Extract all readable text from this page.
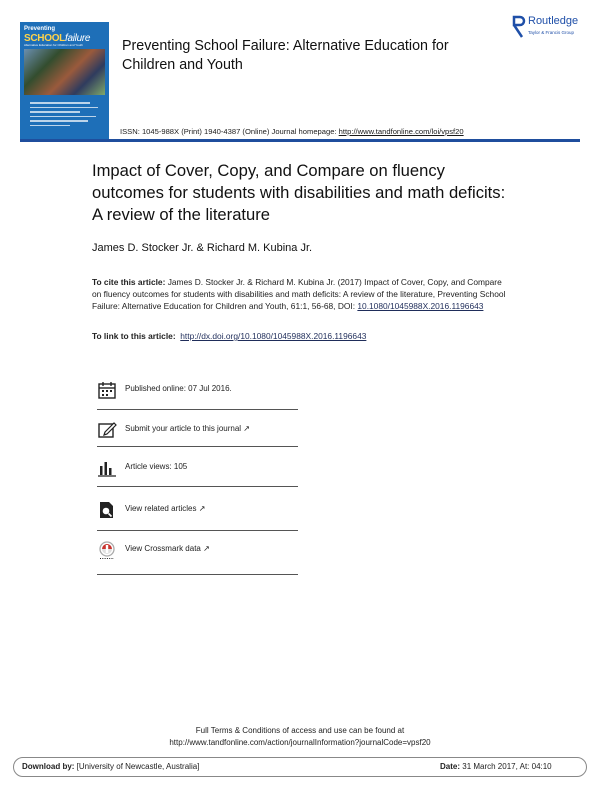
Preventing
SCHOOLfailure
Alternative Education for Children and Youth	Preventing School Failure: Alternative Education for Children and Youth
ISSN: 1045-988X (Print) 1940-4387 (Online) Journal homepage: http://www.tandfonline.com/loi/vpsf20
Routledge
Taylor & Francis Group
Impact of Cover, Copy, and Compare on fluency outcomes for students with disabilities and math deficits: A review of the literature
James D. Stocker Jr. & Richard M. Kubina Jr.
To cite this article: James D. Stocker Jr. & Richard M. Kubina Jr. (2017) Impact of Cover, Copy, and Compare on fluency outcomes for students with disabilities and math deficits: A review of the literature, Preventing School Failure: Alternative Education for Children and Youth, 61:1, 56-68, DOI: 10.1080/1045988X.2016.1196643
To link to this article: http://dx.doi.org/10.1080/1045988X.2016.1196643
Published online: 07 Jul 2016.
Submit your article to this journal ↗
Article views: 105
View related articles ↗
View Crossmark data ↗
Full Terms & Conditions of access and use can be found at
http://www.tandfonline.com/action/journalInformation?journalCode=vpsf20
Download by: [University of Newcastle, Australia]	Date: 31 March 2017, At: 04:10
